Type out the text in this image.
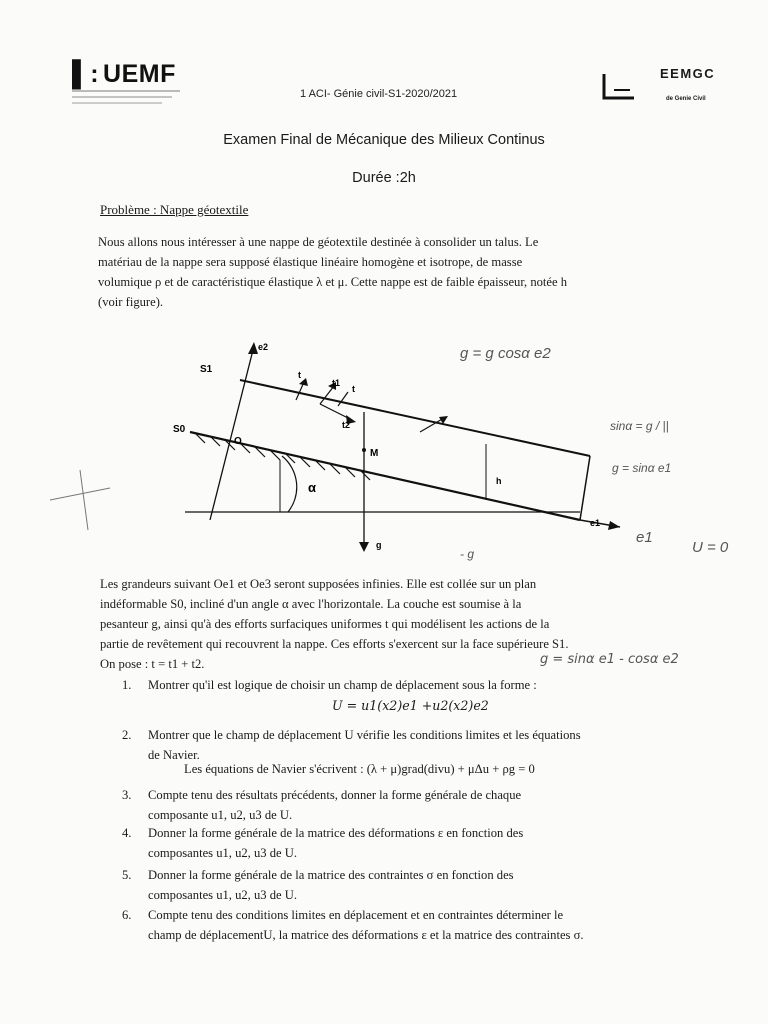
▌: UEMF
1 ACI- Génie civil-S1-2020/2021
EEMGC
de Genie Civil
Examen Final de Mécanique des Milieux Continus
Durée :2h
Problème : Nappe géotextile
Nous allons nous intéresser à une nappe de géotextile destinée à consolider un talus. Le
matériau de la nappe sera supposé élastique linéaire homogène et isotrope, de masse
volumique ρ et de caractéristique élastique λ et μ. Cette nappe est de faible épaisseur, notée h
(voir figure).
e2
S1
S0
O
M
α	h
t
t1
t
t2
g
e1
g = g cosα e2
sinα = g / ||
g = sinα e1
e1
U = 0
- g
Les grandeurs suivant Oe1 et Oe3 seront supposées infinies. Elle est collée sur un plan
indéformable S0, incliné d'un angle α avec l'horizontale. La couche est soumise à la
pesanteur g, ainsi qu'à des efforts surfaciques uniformes t qui modélisent les actions de la
partie de revêtement qui recouvrent la nappe. Ces efforts s'exercent sur la face supérieure S1.
On pose : t = t1 + t2.	g = sinα e1 - cosα e2
1. Montrer qu'il est logique de choisir un champ de déplacement sous la forme :
U = u1(x2)e1 +u2(x2)e2
2. Montrer que le champ de déplacement U vérifie les conditions limites et les équations
de Navier.
Les équations de Navier s'écrivent : (λ + μ)grad(divu) + μΔu + ρg = 0
3. Compte tenu des résultats précédents, donner la forme générale de chaque
composante u1, u2, u3 de U.
4. Donner la forme générale de la matrice des déformations ε en fonction des
composantes u1, u2, u3 de U.
5. Donner la forme générale de la matrice des contraintes σ en fonction des
composantes u1, u2, u3 de U.
6. Compte tenu des conditions limites en déplacement et en contraintes déterminer le
champ de déplacementU, la matrice des déformations ε et la matrice des contraintes σ.
